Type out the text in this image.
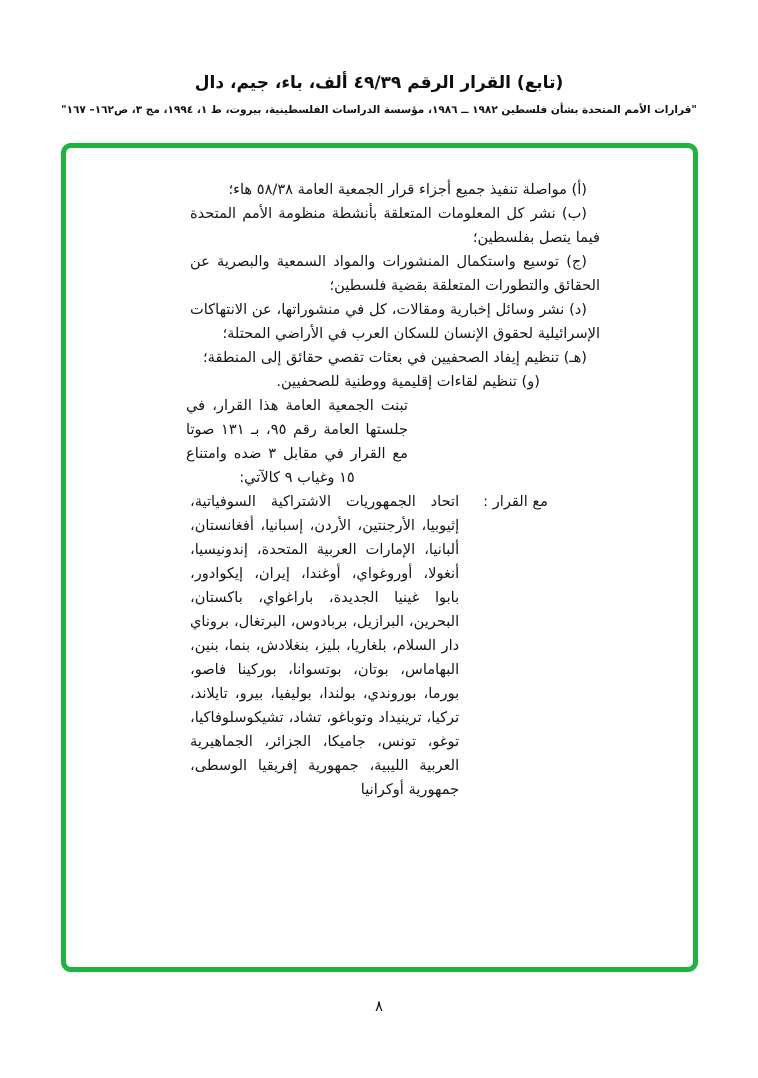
(تابع) القرار الرقم ٤٩/٣٩ ألف، باء، جيم، دال
"قرارات الأمم المتحدة بشأن فلسطين ١٩٨٢ ــ ١٩٨٦، مؤسسة الدراسات الفلسطينية، بيروت، ط ١، ١٩٩٤، مج ٣، ص١٦٢– ١٦٧"

(أ) مواصلة تنفيذ جميع أجزاء قرار الجمعية العامة ٥٨/٣٨ هاء؛

(ب) نشر كل المعلومات المتعلقة بأنشطة منظومة الأمم المتحدة فيما يتصل بفلسطين؛

(ج) توسيع واستكمال المنشورات والمواد السمعية والبصرية عن الحقائق والتطورات المتعلقة بقضية فلسطين؛

(د) نشر وسائل إخبارية ومقالات، كل في منشوراتها، عن الانتهاكات الإسرائيلية لحقوق الإنسان للسكان العرب في الأراضي المحتلة؛

(هـ) تنظيم إيفاد الصحفيين في بعثات تقصي حقائق إلى المنطقة؛

(و) تنظيم لقاءات إقليمية ووطنية للصحفيين.

تبنت الجمعية العامة هذا القرار، في جلستها العامة رقم ٩٥، بـ ١٣١ صوتا مع القرار في مقابل ٣ ضده وامتناع ١٥ وغياب ٩ كالآتي:
مع القرار :
اتحاد الجمهوريات الاشتراكية السوفياتية، إثيوبيا، الأرجنتين، الأردن، إسبانيا، أفغانستان، ألبانيا، الإمارات العربية المتحدة، إندونيسيا، أنغولا، أوروغواي، أوغندا، إيران، إيكوادور، بابوا غينيا الجديدة، باراغواي، باكستان، البحرين، البرازيل، بربادوس، البرتغال، بروناي دار السلام، بلغاريا، بليز، بنغلادش، بنما، بنين، البهاماس، بوتان، بوتسوانا، بوركينا فاصو، بورما، بوروندي، بولندا، بوليفيا، بيرو، تايلاند، تركيا، ترينيداد وتوباغو، تشاد، تشيكوسلوفاكيا، توغو، تونس، جاميكا، الجزائر، الجماهيرية العربية الليبية، جمهورية إفريقيا الوسطى، جمهورية أوكرانيا
٨
